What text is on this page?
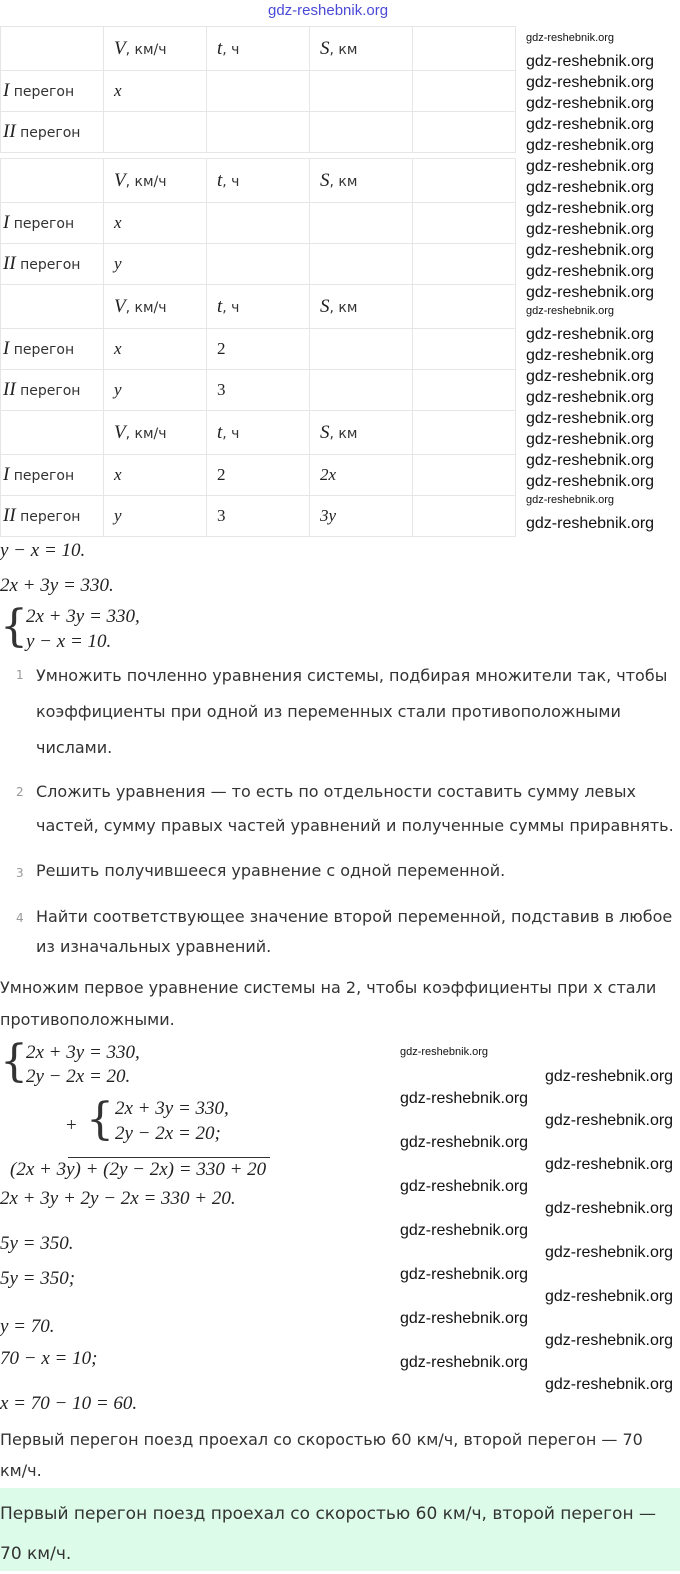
gdz-reshebnik.org
	V, км/ч	t, ч	S, км	
I перегон	x			
II перегон				
	V, км/ч	t, ч	S, км	
I перегон	x			
II перегон	y			
	V, км/ч	t, ч	S, км	
I перегон	x	2		
II перегон	y	3		
	V, км/ч	t, ч	S, км	
I перегон	x	2	2x	
II перегон	y	3	3y	
y − x = 10.
2x + 3y = 330.
{
2x + 3y = 330,
y − x = 10.
1 Умножить почленно уравнения системы, подбирая множители так, чтобы коэффициенты при одной из переменных стали противоположными числами.
2 Сложить уравнения — то есть по отдельности составить сумму левых частей, сумму правых частей уравнений и полученные суммы приравнять.
3 Решить получившееся уравнение с одной переменной.
4 Найти соответствующее значение второй переменной, подставив в любое из изначальных уравнений.
Умножим первое уравнение системы на 2, чтобы коэффициенты при x стали противоположными.
{
2x + 3y = 330,
2y − 2x = 20.
+ { 2x + 3y = 330,
2y − 2x = 20;
(2x + 3y) + (2y − 2x) = 330 + 20
2x + 3y + 2y − 2x = 330 + 20.
5y = 350.
5y = 350;
y = 70.
70 − x = 10;
x = 70 − 10 = 60.
Первый перегон поезд проехал со скоростью 60 км/ч, второй перегон — 70 км/ч.
Первый перегон поезд проехал со скоростью 60 км/ч, второй перегон — 70 км/ч.
gdz-reshebnik.org
gdz-reshebnik.org
gdz-reshebnik.org
gdz-reshebnik.org
gdz-reshebnik.org
gdz-reshebnik.org
gdz-reshebnik.org
gdz-reshebnik.org
gdz-reshebnik.org
gdz-reshebnik.org
gdz-reshebnik.org
gdz-reshebnik.org
gdz-reshebnik.org
gdz-reshebnik.org
gdz-reshebnik.org
gdz-reshebnik.org
gdz-reshebnik.org
gdz-reshebnik.org
gdz-reshebnik.org
gdz-reshebnik.org
gdz-reshebnik.org
gdz-reshebnik.org
gdz-reshebnik.org
gdz-reshebnik.org
gdz-reshebnik.org
gdz-reshebnik.org
gdz-reshebnik.org
gdz-reshebnik.org
gdz-reshebnik.org
gdz-reshebnik.org
gdz-reshebnik.org
gdz-reshebnik.org
gdz-reshebnik.org
gdz-reshebnik.org
gdz-reshebnik.org
gdz-reshebnik.org
gdz-reshebnik.org
gdz-reshebnik.org
gdz-reshebnik.org
gdz-reshebnik.org
